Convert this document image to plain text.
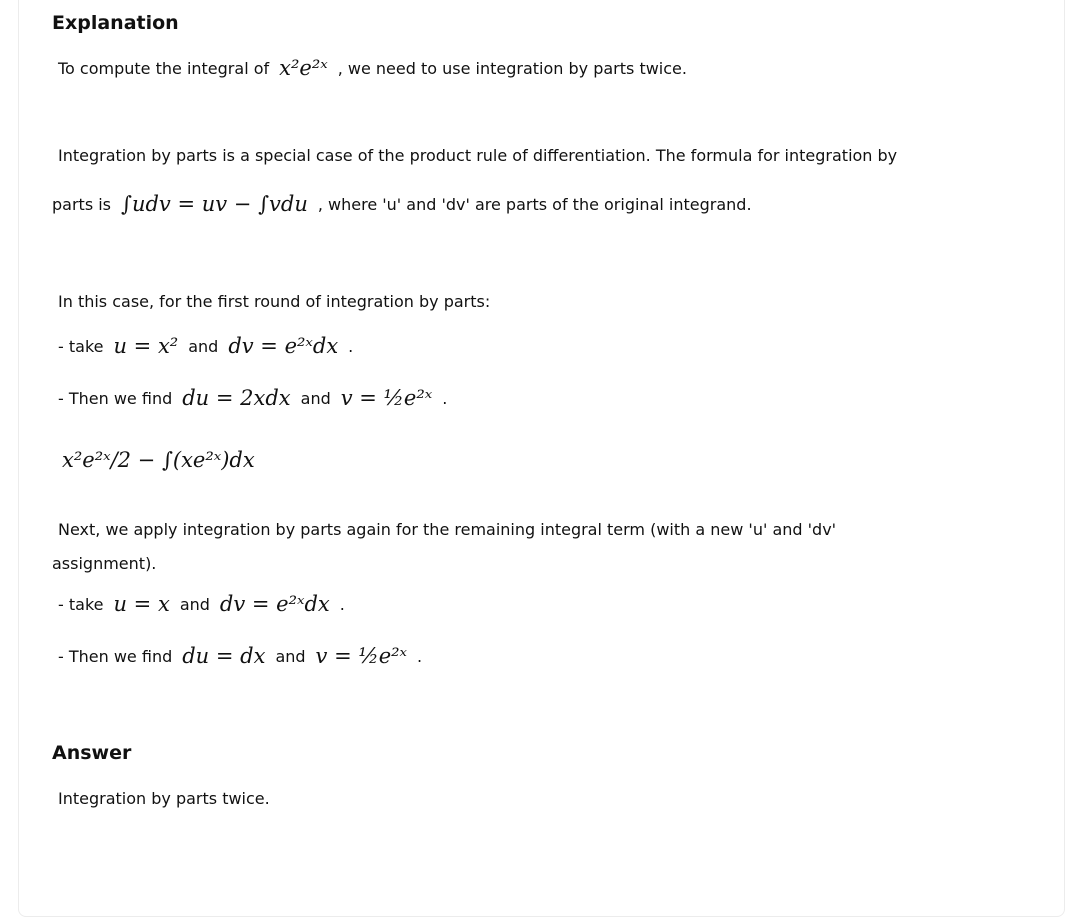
Explanation
To compute the integral of x²e²ˣ , we need to use integration by parts twice.
Integration by parts is a special case of the product rule of differentiation. The formula for integration by
parts is ∫udv = uv − ∫vdu , where 'u' and 'dv' are parts of the original integrand.
In this case, for the first round of integration by parts:
- take u = x² and dv = e²ˣdx .
- Then we find du = 2xdx and v = ½e²ˣ .
x²e²ˣ/2 − ∫(xe²ˣ)dx
Next, we apply integration by parts again for the remaining integral term (with a new 'u' and 'dv'
assignment).
- take u = x and dv = e²ˣdx .
- Then we find du = dx and v = ½e²ˣ .
Answer
Integration by parts twice.
